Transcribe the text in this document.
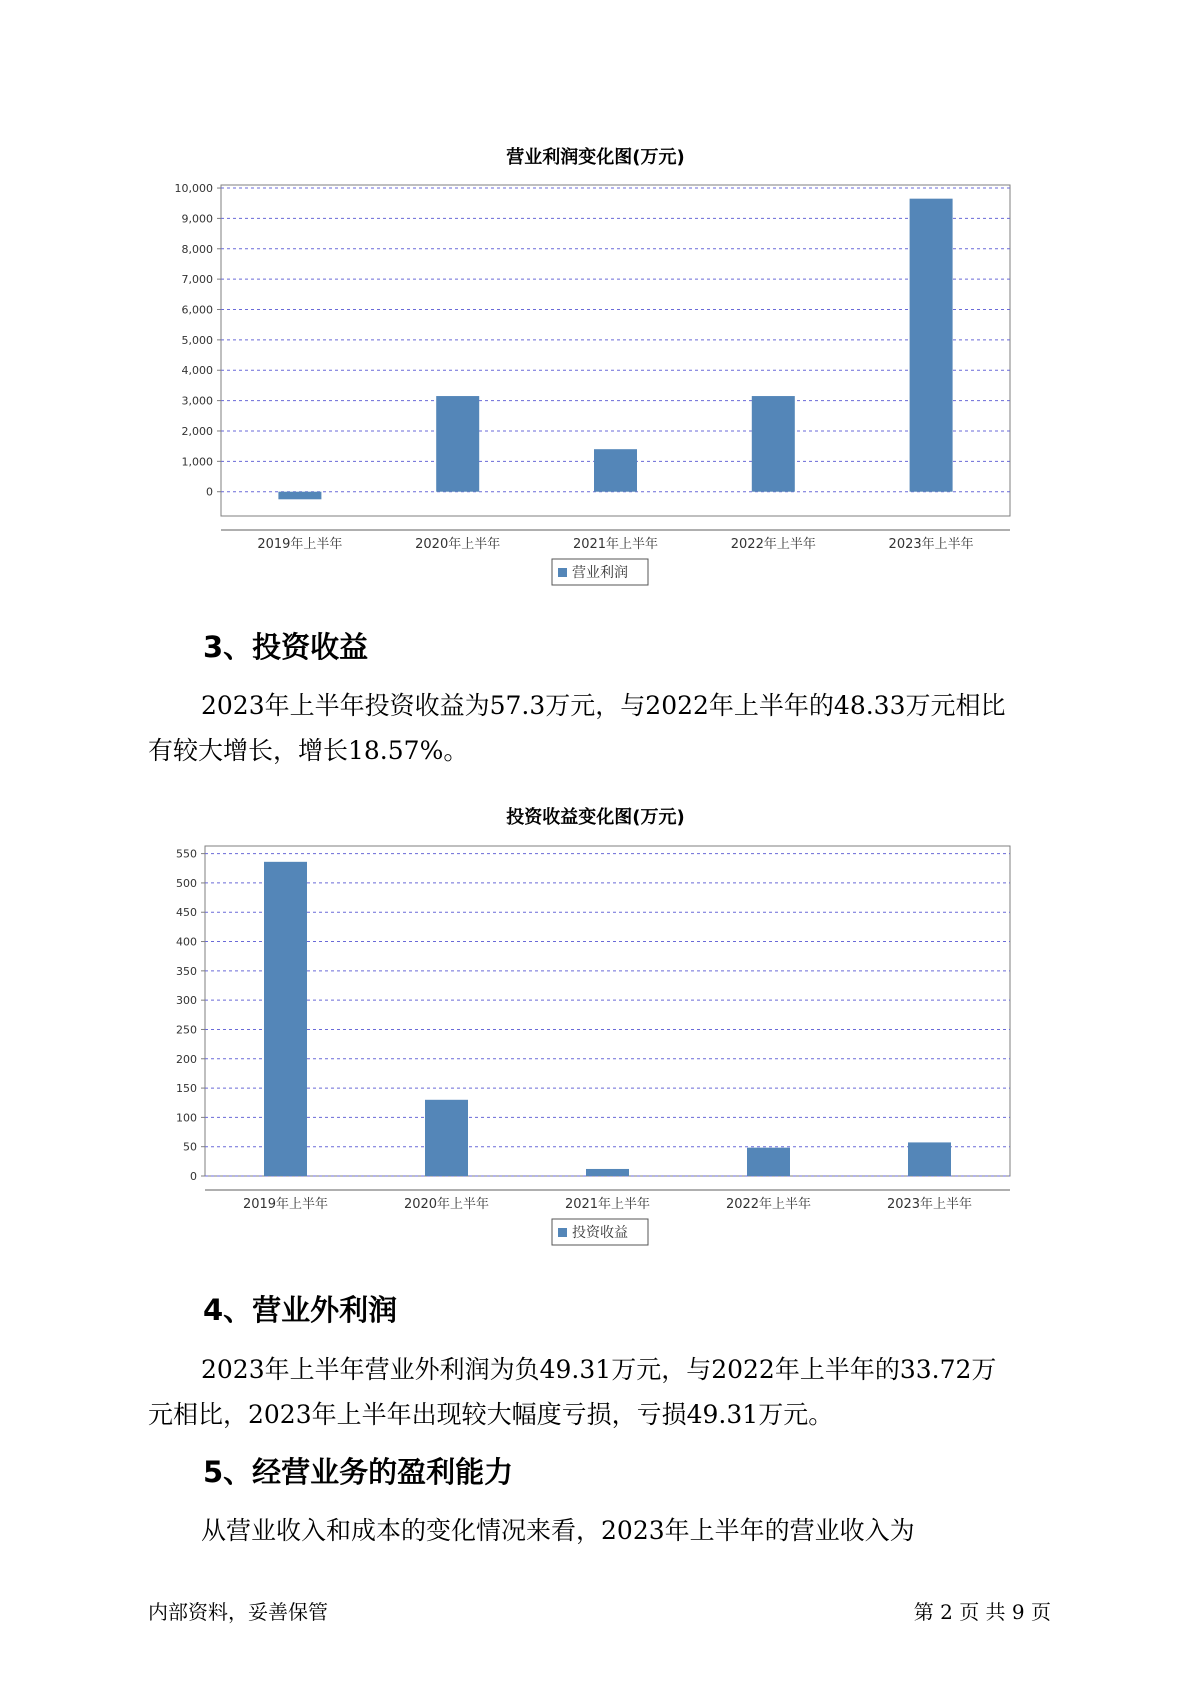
营业利润变化图(万元)
0
1,000
2,000
3,000
4,000
5,000
6,000
7,000
8,000
9,000
10,000
2019年上半年	2020年上半年	2021年上半年	2022年上半年	2023年上半年
营业利润
3、投资收益
2023年上半年投资收益为57.3万元，与2022年上半年的48.33万元相比
有较大增长，增长18.57%。
投资收益变化图(万元)
0
50
100
150
200
250
300
350
400
450
500
550
2019年上半年	2020年上半年	2021年上半年	2022年上半年	2023年上半年
投资收益
4、营业外利润
2023年上半年营业外利润为负49.31万元，与2022年上半年的33.72万
元相比，2023年上半年出现较大幅度亏损，亏损49.31万元。
5、经营业务的盈利能力
从营业收入和成本的变化情况来看，2023年上半年的营业收入为
内部资料，妥善保管	第 2 页 共 9 页
